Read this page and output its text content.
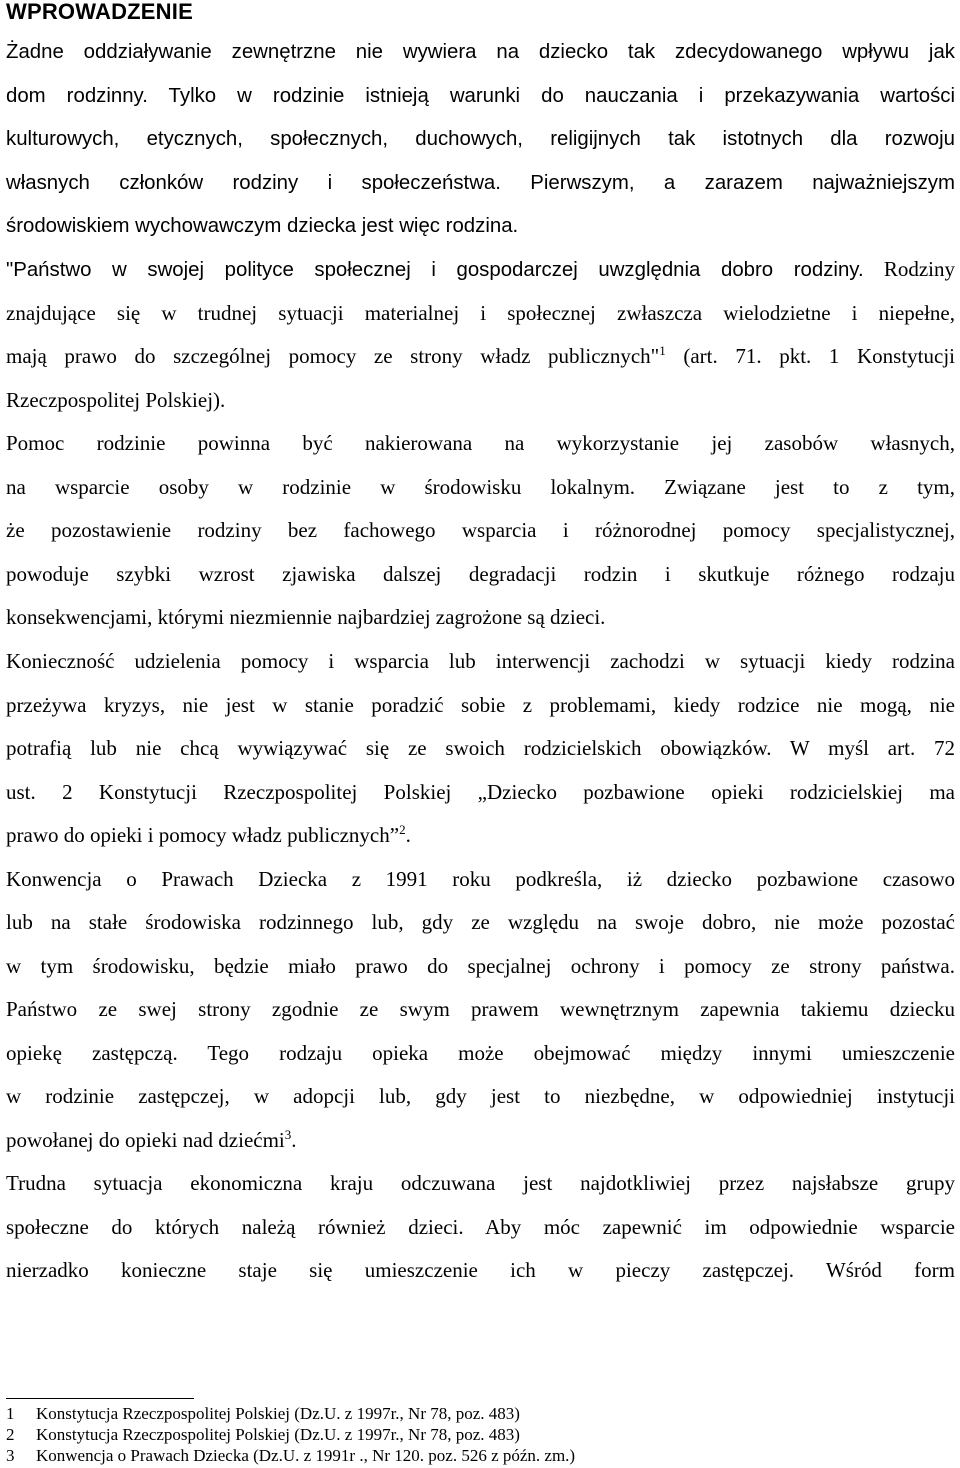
WPROWADZENIE
Żadne oddziaływanie zewnętrzne nie wywiera na dziecko tak zdecydowanego wpływu jak
dom rodzinny. Tylko w rodzinie istnieją warunki do nauczania i przekazywania wartości
kulturowych, etycznych, społecznych, duchowych, religijnych tak istotnych dla rozwoju
własnych członków rodziny i społeczeństwa. Pierwszym, a zarazem najważniejszym
środowiskiem wychowawczym dziecka jest więc rodzina.
"Państwo w swojej polityce społecznej i gospodarczej uwzględnia dobro rodziny. Rodziny
znajdujące się w trudnej sytuacji materialnej i społecznej zwłaszcza wielodzietne i niepełne,
mają prawo do szczególnej pomocy ze strony władz publicznych"$^1$ (art. 71. pkt. 1 Konstytucji
Rzeczpospolitej Polskiej).
Pomoc rodzinie powinna być nakierowana na wykorzystanie jej zasobów własnych,
na wsparcie osoby w rodzinie w środowisku lokalnym. Związane jest to z tym,
że pozostawienie rodziny bez fachowego wsparcia i różnorodnej pomocy specjalistycznej,
powoduje szybki wzrost zjawiska dalszej degradacji rodzin i skutkuje różnego rodzaju
konsekwencjami, którymi niezmiennie najbardziej zagrożone są dzieci.
Konieczność udzielenia pomocy i wsparcia lub interwencji zachodzi w sytuacji kiedy rodzina
przeżywa kryzys, nie jest w stanie poradzić sobie z problemami, kiedy rodzice nie mogą, nie
potrafią lub nie chcą wywiązywać się ze swoich rodzicielskich obowiązków. W myśl art. 72
ust. 2 Konstytucji Rzeczpospolitej Polskiej „Dziecko pozbawione opieki rodzicielskiej ma
prawo do opieki i pomocy władz publicznych”$^2$.
Konwencja o Prawach Dziecka z 1991 roku podkreśla, iż dziecko pozbawione czasowo
lub na stałe środowiska rodzinnego lub, gdy ze względu na swoje dobro, nie może pozostać
w tym środowisku, będzie miało prawo do specjalnej ochrony i pomocy ze strony państwa.
Państwo ze swej strony zgodnie ze swym prawem wewnętrznym zapewnia takiemu dziecku
opiekę zastępczą. Tego rodzaju opieka może obejmować między innymi umieszczenie
w rodzinie zastępczej, w adopcji lub, gdy jest to niezbędne, w odpowiedniej instytucji
powołanej do opieki nad dziećmi$^3$.
Trudna sytuacja ekonomiczna kraju odczuwana jest najdotkliwiej przez najsłabsze grupy
społeczne do których należą również dzieci. Aby móc zapewnić im odpowiednie wsparcie
nierzadko konieczne staje się umieszczenie ich w pieczy zastępczej. Wśród form
1 Konstytucja Rzeczpospolitej Polskiej (Dz.U. z 1997r., Nr 78, poz. 483)
2 Konstytucja Rzeczpospolitej Polskiej (Dz.U. z 1997r., Nr 78, poz. 483)
3 Konwencja o Prawach Dziecka (Dz.U. z 1991r ., Nr 120. poz. 526 z późn. zm.)
